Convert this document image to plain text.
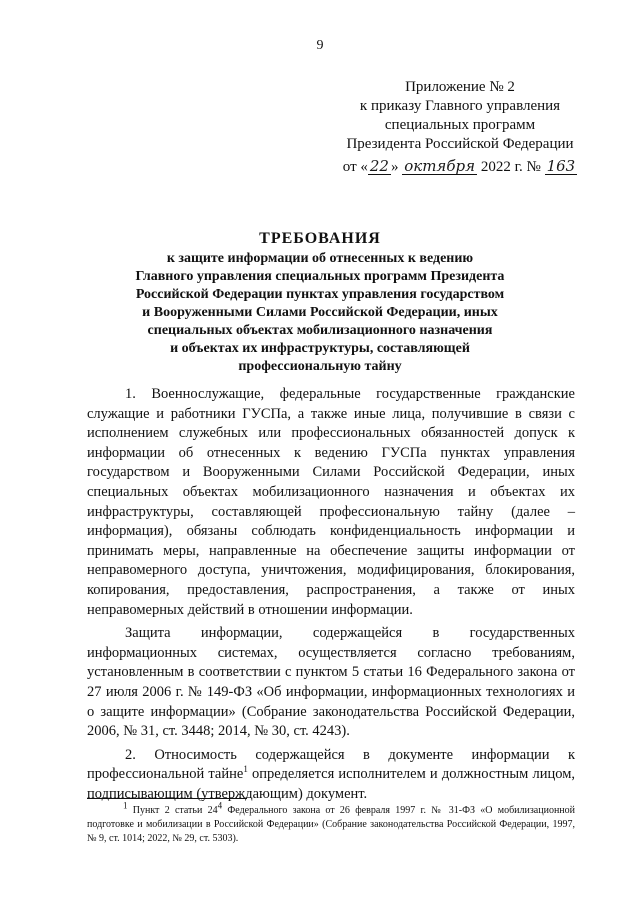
9
Приложение № 2
к приказу Главного управления
специальных программ
Президента Российской Федерации
от « 22 » октября 2022 г. № 163
ТРЕБОВАНИЯ
к защите информации об отнесенных к ведению
Главного управления специальных программ Президента
Российской Федерации пунктах управления государством
и Вооруженными Силами Российской Федерации, иных
специальных объектах мобилизационного назначения
и объектах их инфраструктуры, составляющей
профессиональную тайну

1. Военнослужащие, федеральные государственные гражданские служащие и работники ГУСПа, а также иные лица, получившие в связи с исполнением служебных или профессиональных обязанностей допуск к информации об отнесенных к ведению ГУСПа пунктах управления государством и Вооруженными Силами Российской Федерации, иных специальных объектах мобилизационного назначения и объектах их инфраструктуры, составляющей профессиональную тайну (далее – информация), обязаны соблюдать конфиденциальность информации и принимать меры, направленные на обеспечение защиты информации от неправомерного доступа, уничтожения, модифицирования, блокирования, копирования, предоставления, распространения, а также от иных неправомерных действий в отношении информации.

Защита информации, содержащейся в государственных информационных системах, осуществляется согласно требованиям, установленным в соответствии с пунктом 5 статьи 16 Федерального закона от 27 июля 2006 г. № 149-ФЗ «Об информации, информационных технологиях и о защите информации» (Собрание законодательства Российской Федерации, 2006, № 31, ст. 3448; 2014, № 30, ст. 4243).

2. Относимость содержащейся в документе информации к профессиональной тайне$^1$ определяется исполнителем и должностным лицом, подписывающим (утверждающим) документ.

$^1$ Пункт 2 статьи $24^4$ Федерального закона от 26 февраля 1997 г. № 31-ФЗ «О мобилизационной подготовке и мобилизации в Российской Федерации» (Собрание законодательства Российской Федерации, 1997, № 9, ст. 1014; 2022, № 29, ст. 5303).
